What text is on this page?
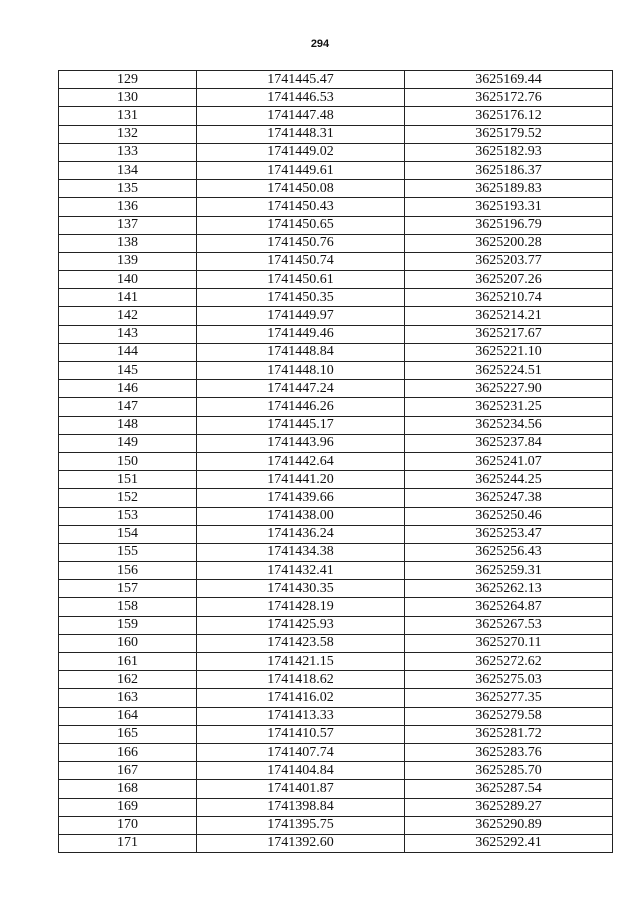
294
129	1741445.47	3625169.44
130	1741446.53	3625172.76
131	1741447.48	3625176.12
132	1741448.31	3625179.52
133	1741449.02	3625182.93
134	1741449.61	3625186.37
135	1741450.08	3625189.83
136	1741450.43	3625193.31
137	1741450.65	3625196.79
138	1741450.76	3625200.28
139	1741450.74	3625203.77
140	1741450.61	3625207.26
141	1741450.35	3625210.74
142	1741449.97	3625214.21
143	1741449.46	3625217.67
144	1741448.84	3625221.10
145	1741448.10	3625224.51
146	1741447.24	3625227.90
147	1741446.26	3625231.25
148	1741445.17	3625234.56
149	1741443.96	3625237.84
150	1741442.64	3625241.07
151	1741441.20	3625244.25
152	1741439.66	3625247.38
153	1741438.00	3625250.46
154	1741436.24	3625253.47
155	1741434.38	3625256.43
156	1741432.41	3625259.31
157	1741430.35	3625262.13
158	1741428.19	3625264.87
159	1741425.93	3625267.53
160	1741423.58	3625270.11
161	1741421.15	3625272.62
162	1741418.62	3625275.03
163	1741416.02	3625277.35
164	1741413.33	3625279.58
165	1741410.57	3625281.72
166	1741407.74	3625283.76
167	1741404.84	3625285.70
168	1741401.87	3625287.54
169	1741398.84	3625289.27
170	1741395.75	3625290.89
171	1741392.60	3625292.41
